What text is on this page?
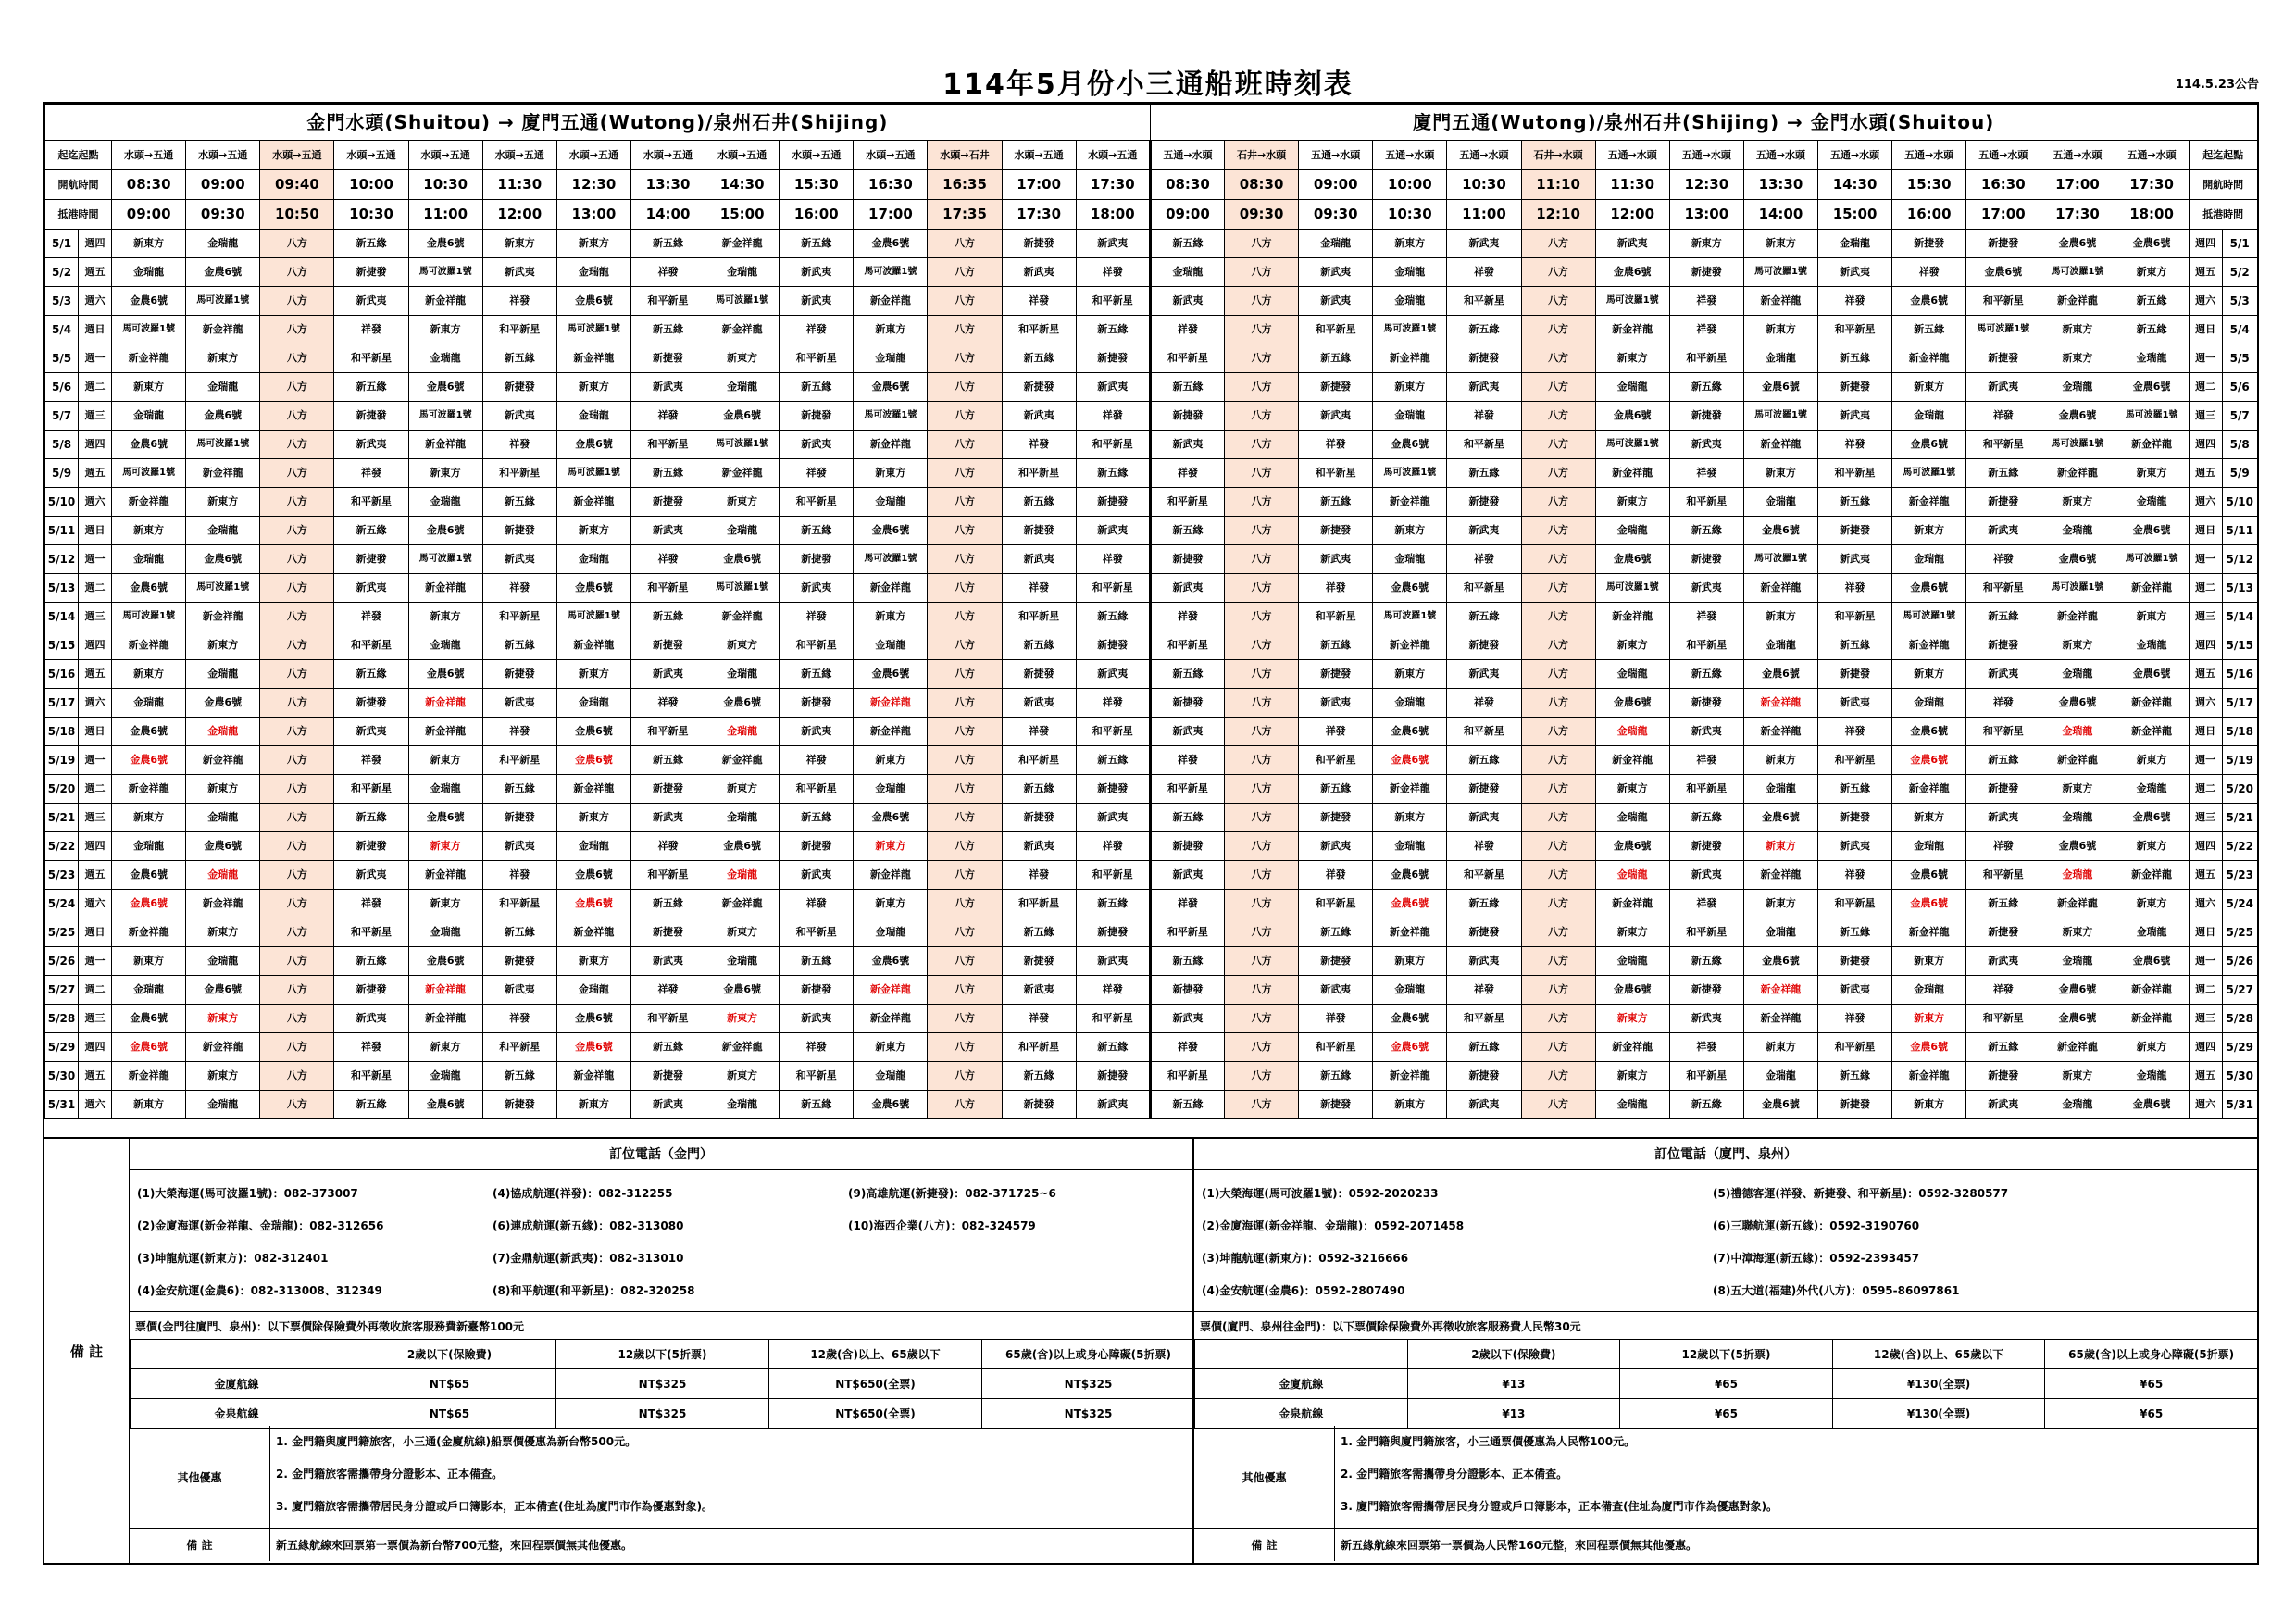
114年5月份小三通船班時刻表	114.5.23公告
金門水頭(Shuitou) → 廈門五通(Wutong)/泉州石井(Shijing)																廈門五通(Wutong)/泉州石井(Shijing) → 金門水頭(Shuitou)															
起迄起點		水頭→五通	水頭→五通	水頭→五通	水頭→五通	水頭→五通	水頭→五通	水頭→五通	水頭→五通	水頭→五通	水頭→五通	水頭→五通	水頭→石井	水頭→五通	水頭→五通	五通→水頭	石井→水頭	五通→水頭	五通→水頭	五通→水頭	石井→水頭	五通→水頭	五通→水頭	五通→水頭	五通→水頭	五通→水頭	五通→水頭	五通→水頭	五通→水頭	起迄起點	
開航時間		08:30	09:00	09:40	10:00	10:30	11:30	12:30	13:30	14:30	15:30	16:30	16:35	17:00	17:30	08:30	08:30	09:00	10:00	10:30	11:10	11:30	12:30	13:30	14:30	15:30	16:30	17:00	17:30	開航時間	
抵港時間		09:00	09:30	10:50	10:30	11:00	12:00	13:00	14:00	15:00	16:00	17:00	17:35	17:30	18:00	09:00	09:30	09:30	10:30	11:00	12:10	12:00	13:00	14:00	15:00	16:00	17:00	17:30	18:00	抵港時間	
5/1	週四	新東方	金瑞龍	八方	新五緣	金農6號	新東方	新東方	新五緣	新金祥龍	新五緣	金農6號	八方	新捷發	新武夷	新五緣	八方	金瑞龍	新東方	新武夷	八方	新武夷	新東方	新東方	金瑞龍	新捷發	新捷發	金農6號	金農6號	週四	5/1
5/2	週五	金瑞龍	金農6號	八方	新捷發	馬可波羅1號	新武夷	金瑞龍	祥發	金瑞龍	新武夷	馬可波羅1號	八方	新武夷	祥發	金瑞龍	八方	新武夷	金瑞龍	祥發	八方	金農6號	新捷發	馬可波羅1號	新武夷	祥發	金農6號	馬可波羅1號	新東方	週五	5/2
5/3	週六	金農6號	馬可波羅1號	八方	新武夷	新金祥龍	祥發	金農6號	和平新星	馬可波羅1號	新武夷	新金祥龍	八方	祥發	和平新星	新武夷	八方	新武夷	金瑞龍	和平新星	八方	馬可波羅1號	祥發	新金祥龍	祥發	金農6號	和平新星	新金祥龍	新五緣	週六	5/3
5/4	週日	馬可波羅1號	新金祥龍	八方	祥發	新東方	和平新星	馬可波羅1號	新五緣	新金祥龍	祥發	新東方	八方	和平新星	新五緣	祥發	八方	和平新星	馬可波羅1號	新五緣	八方	新金祥龍	祥發	新東方	和平新星	新五緣	馬可波羅1號	新東方	新五緣	週日	5/4
5/5	週一	新金祥龍	新東方	八方	和平新星	金瑞龍	新五緣	新金祥龍	新捷發	新東方	和平新星	金瑞龍	八方	新五緣	新捷發	和平新星	八方	新五緣	新金祥龍	新捷發	八方	新東方	和平新星	金瑞龍	新五緣	新金祥龍	新捷發	新東方	金瑞龍	週一	5/5
5/6	週二	新東方	金瑞龍	八方	新五緣	金農6號	新捷發	新東方	新武夷	金瑞龍	新五緣	金農6號	八方	新捷發	新武夷	新五緣	八方	新捷發	新東方	新武夷	八方	金瑞龍	新五緣	金農6號	新捷發	新東方	新武夷	金瑞龍	金農6號	週二	5/6
5/7	週三	金瑞龍	金農6號	八方	新捷發	馬可波羅1號	新武夷	金瑞龍	祥發	金農6號	新捷發	馬可波羅1號	八方	新武夷	祥發	新捷發	八方	新武夷	金瑞龍	祥發	八方	金農6號	新捷發	馬可波羅1號	新武夷	金瑞龍	祥發	金農6號	馬可波羅1號	週三	5/7
5/8	週四	金農6號	馬可波羅1號	八方	新武夷	新金祥龍	祥發	金農6號	和平新星	馬可波羅1號	新武夷	新金祥龍	八方	祥發	和平新星	新武夷	八方	祥發	金農6號	和平新星	八方	馬可波羅1號	新武夷	新金祥龍	祥發	金農6號	和平新星	馬可波羅1號	新金祥龍	週四	5/8
5/9	週五	馬可波羅1號	新金祥龍	八方	祥發	新東方	和平新星	馬可波羅1號	新五緣	新金祥龍	祥發	新東方	八方	和平新星	新五緣	祥發	八方	和平新星	馬可波羅1號	新五緣	八方	新金祥龍	祥發	新東方	和平新星	馬可波羅1號	新五緣	新金祥龍	新東方	週五	5/9
5/10	週六	新金祥龍	新東方	八方	和平新星	金瑞龍	新五緣	新金祥龍	新捷發	新東方	和平新星	金瑞龍	八方	新五緣	新捷發	和平新星	八方	新五緣	新金祥龍	新捷發	八方	新東方	和平新星	金瑞龍	新五緣	新金祥龍	新捷發	新東方	金瑞龍	週六	5/10
5/11	週日	新東方	金瑞龍	八方	新五緣	金農6號	新捷發	新東方	新武夷	金瑞龍	新五緣	金農6號	八方	新捷發	新武夷	新五緣	八方	新捷發	新東方	新武夷	八方	金瑞龍	新五緣	金農6號	新捷發	新東方	新武夷	金瑞龍	金農6號	週日	5/11
5/12	週一	金瑞龍	金農6號	八方	新捷發	馬可波羅1號	新武夷	金瑞龍	祥發	金農6號	新捷發	馬可波羅1號	八方	新武夷	祥發	新捷發	八方	新武夷	金瑞龍	祥發	八方	金農6號	新捷發	馬可波羅1號	新武夷	金瑞龍	祥發	金農6號	馬可波羅1號	週一	5/12
5/13	週二	金農6號	馬可波羅1號	八方	新武夷	新金祥龍	祥發	金農6號	和平新星	馬可波羅1號	新武夷	新金祥龍	八方	祥發	和平新星	新武夷	八方	祥發	金農6號	和平新星	八方	馬可波羅1號	新武夷	新金祥龍	祥發	金農6號	和平新星	馬可波羅1號	新金祥龍	週二	5/13
5/14	週三	馬可波羅1號	新金祥龍	八方	祥發	新東方	和平新星	馬可波羅1號	新五緣	新金祥龍	祥發	新東方	八方	和平新星	新五緣	祥發	八方	和平新星	馬可波羅1號	新五緣	八方	新金祥龍	祥發	新東方	和平新星	馬可波羅1號	新五緣	新金祥龍	新東方	週三	5/14
5/15	週四	新金祥龍	新東方	八方	和平新星	金瑞龍	新五緣	新金祥龍	新捷發	新東方	和平新星	金瑞龍	八方	新五緣	新捷發	和平新星	八方	新五緣	新金祥龍	新捷發	八方	新東方	和平新星	金瑞龍	新五緣	新金祥龍	新捷發	新東方	金瑞龍	週四	5/15
5/16	週五	新東方	金瑞龍	八方	新五緣	金農6號	新捷發	新東方	新武夷	金瑞龍	新五緣	金農6號	八方	新捷發	新武夷	新五緣	八方	新捷發	新東方	新武夷	八方	金瑞龍	新五緣	金農6號	新捷發	新東方	新武夷	金瑞龍	金農6號	週五	5/16
5/17	週六	金瑞龍	金農6號	八方	新捷發	新金祥龍	新武夷	金瑞龍	祥發	金農6號	新捷發	新金祥龍	八方	新武夷	祥發	新捷發	八方	新武夷	金瑞龍	祥發	八方	金農6號	新捷發	新金祥龍	新武夷	金瑞龍	祥發	金農6號	新金祥龍	週六	5/17
5/18	週日	金農6號	金瑞龍	八方	新武夷	新金祥龍	祥發	金農6號	和平新星	金瑞龍	新武夷	新金祥龍	八方	祥發	和平新星	新武夷	八方	祥發	金農6號	和平新星	八方	金瑞龍	新武夷	新金祥龍	祥發	金農6號	和平新星	金瑞龍	新金祥龍	週日	5/18
5/19	週一	金農6號	新金祥龍	八方	祥發	新東方	和平新星	金農6號	新五緣	新金祥龍	祥發	新東方	八方	和平新星	新五緣	祥發	八方	和平新星	金農6號	新五緣	八方	新金祥龍	祥發	新東方	和平新星	金農6號	新五緣	新金祥龍	新東方	週一	5/19
5/20	週二	新金祥龍	新東方	八方	和平新星	金瑞龍	新五緣	新金祥龍	新捷發	新東方	和平新星	金瑞龍	八方	新五緣	新捷發	和平新星	八方	新五緣	新金祥龍	新捷發	八方	新東方	和平新星	金瑞龍	新五緣	新金祥龍	新捷發	新東方	金瑞龍	週二	5/20
5/21	週三	新東方	金瑞龍	八方	新五緣	金農6號	新捷發	新東方	新武夷	金瑞龍	新五緣	金農6號	八方	新捷發	新武夷	新五緣	八方	新捷發	新東方	新武夷	八方	金瑞龍	新五緣	金農6號	新捷發	新東方	新武夷	金瑞龍	金農6號	週三	5/21
5/22	週四	金瑞龍	金農6號	八方	新捷發	新東方	新武夷	金瑞龍	祥發	金農6號	新捷發	新東方	八方	新武夷	祥發	新捷發	八方	新武夷	金瑞龍	祥發	八方	金農6號	新捷發	新東方	新武夷	金瑞龍	祥發	金農6號	新東方	週四	5/22
5/23	週五	金農6號	金瑞龍	八方	新武夷	新金祥龍	祥發	金農6號	和平新星	金瑞龍	新武夷	新金祥龍	八方	祥發	和平新星	新武夷	八方	祥發	金農6號	和平新星	八方	金瑞龍	新武夷	新金祥龍	祥發	金農6號	和平新星	金瑞龍	新金祥龍	週五	5/23
5/24	週六	金農6號	新金祥龍	八方	祥發	新東方	和平新星	金農6號	新五緣	新金祥龍	祥發	新東方	八方	和平新星	新五緣	祥發	八方	和平新星	金農6號	新五緣	八方	新金祥龍	祥發	新東方	和平新星	金農6號	新五緣	新金祥龍	新東方	週六	5/24
5/25	週日	新金祥龍	新東方	八方	和平新星	金瑞龍	新五緣	新金祥龍	新捷發	新東方	和平新星	金瑞龍	八方	新五緣	新捷發	和平新星	八方	新五緣	新金祥龍	新捷發	八方	新東方	和平新星	金瑞龍	新五緣	新金祥龍	新捷發	新東方	金瑞龍	週日	5/25
5/26	週一	新東方	金瑞龍	八方	新五緣	金農6號	新捷發	新東方	新武夷	金瑞龍	新五緣	金農6號	八方	新捷發	新武夷	新五緣	八方	新捷發	新東方	新武夷	八方	金瑞龍	新五緣	金農6號	新捷發	新東方	新武夷	金瑞龍	金農6號	週一	5/26
5/27	週二	金瑞龍	金農6號	八方	新捷發	新金祥龍	新武夷	金瑞龍	祥發	金農6號	新捷發	新金祥龍	八方	新武夷	祥發	新捷發	八方	新武夷	金瑞龍	祥發	八方	金農6號	新捷發	新金祥龍	新武夷	金瑞龍	祥發	金農6號	新金祥龍	週二	5/27
5/28	週三	金農6號	新東方	八方	新武夷	新金祥龍	祥發	金農6號	和平新星	新東方	新武夷	新金祥龍	八方	祥發	和平新星	新武夷	八方	祥發	金農6號	和平新星	八方	新東方	新武夷	新金祥龍	祥發	新東方	和平新星	金農6號	新金祥龍	週三	5/28
5/29	週四	金農6號	新金祥龍	八方	祥發	新東方	和平新星	金農6號	新五緣	新金祥龍	祥發	新東方	八方	和平新星	新五緣	祥發	八方	和平新星	金農6號	新五緣	八方	新金祥龍	祥發	新東方	和平新星	金農6號	新五緣	新金祥龍	新東方	週四	5/29
5/30	週五	新金祥龍	新東方	八方	和平新星	金瑞龍	新五緣	新金祥龍	新捷發	新東方	和平新星	金瑞龍	八方	新五緣	新捷發	和平新星	八方	新五緣	新金祥龍	新捷發	八方	新東方	和平新星	金瑞龍	新五緣	新金祥龍	新捷發	新東方	金瑞龍	週五	5/30
5/31	週六	新東方	金瑞龍	八方	新五緣	金農6號	新捷發	新東方	新武夷	金瑞龍	新五緣	金農6號	八方	新捷發	新武夷	新五緣	八方	新捷發	新東方	新武夷	八方	金瑞龍	新五緣	金農6號	新捷發	新東方	新武夷	金瑞龍	金農6號	週六	5/31
備 註
訂位電話（金門）
(1)大榮海運(馬可波羅1號)：082-373007	(4)協成航運(祥發)：082-312255	(9)高雄航運(新捷發)：082-371725~6
(2)金廈海運(新金祥龍、金瑞龍)：082-312656	(6)連成航運(新五緣)：082-313080	(10)海西企業(八方)：082-324579
(3)坤龍航運(新東方)：082-312401	(7)金鼎航運(新武夷)：082-313010
(4)金安航運(金農6)：082-313008、312349	(8)和平航運(和平新星)：082-320258
票價(金門往廈門、泉州)：以下票價除保險費外再徵收旅客服務費新臺幣100元
	2歲以下(保險費)	12歲以下(5折票)	12歲(含)以上、65歲以下	65歲(含)以上或身心障礙(5折票)
金廈航線	NT$65	NT$325	NT$650(全票)	NT$325
金泉航線	NT$65	NT$325	NT$650(全票)	NT$325
其他優惠
1. 金門籍與廈門籍旅客，小三通(金廈航線)船票價優惠為新台幣500元。
2. 金門籍旅客需攜帶身分證影本、正本備查。
3. 廈門籍旅客需攜帶居民身分證或戶口簿影本，正本備查(住址為廈門市作為優惠對象)。
備 註	新五緣航線來回票第一票價為新台幣700元整，來回程票價無其他優惠。
訂位電話（廈門、泉州）
(1)大榮海運(馬可波羅1號)：0592-2020233	(5)禮德客運(祥發、新捷發、和平新星)：0592-3280577
(2)金廈海運(新金祥龍、金瑞龍)：0592-2071458	(6)三聯航運(新五緣)：0592-3190760
(3)坤龍航運(新東方)：0592-3216666	(7)中漳海運(新五緣)：0592-2393457
(4)金安航運(金農6)：0592-2807490	(8)五大道(福建)外代(八方)：0595-86097861
票價(廈門、泉州往金門)：以下票價除保險費外再徵收旅客服務費人民幣30元
	2歲以下(保險費)	12歲以下(5折票)	12歲(含)以上、65歲以下	65歲(含)以上或身心障礙(5折票)
金廈航線	¥13	¥65	¥130(全票)	¥65
金泉航線	¥13	¥65	¥130(全票)	¥65
其他優惠
1. 金門籍與廈門籍旅客，小三通票價優惠為人民幣100元。
2. 金門籍旅客需攜帶身分證影本、正本備查。
3. 廈門籍旅客需攜帶居民身分證或戶口簿影本，正本備查(住址為廈門市作為優惠對象)。
備 註	新五緣航線來回票第一票價為人民幣160元整，來回程票價無其他優惠。
